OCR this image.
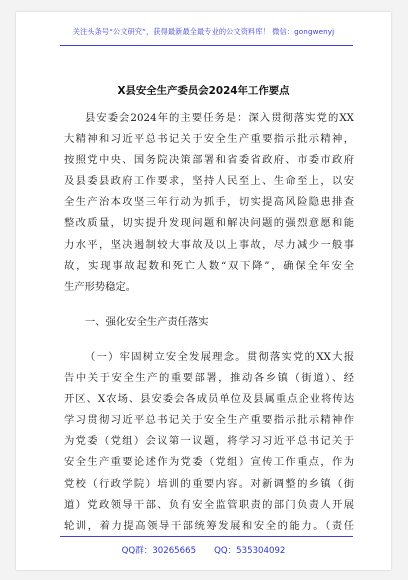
关注头条号“公文研究”，获得最新最全最专业的公文资料库！ 微信：gongwenyj
X县安全生产委员会2024年工作要点
县安委会2024年的主要任务是：深入贯彻落实党的XX
大精神和习近平总书记关于安全生产重要指示批示精神，
按照党中央、国务院决策部署和省委省政府、市委市政府
及县委县政府工作要求，坚持人民至上、生命至上，以安
全生产治本攻坚三年行动为抓手，切实提高风险隐患排查
整改质量，切实提升发现问题和解决问题的强烈意愿和能
力水平，坚决遏制较大事故及以上事故，尽力减少一般事
故，实现事故起数和死亡人数“双下降”，确保全年安全
生产形势稳定。
一、强化安全生产责任落实
（一）牢固树立安全发展理念。贯彻落实党的XX大报
告中关于安全生产的重要部署，推动各乡镇（街道）、经
开区、X农场、县安委会各成员单位及县属重点企业将传达
学习贯彻习近平总书记关于安全生产重要指示批示精神作
为党委（党组）会议第一议题，将学习习近平总书记关于
安全生产重要论述作为党委（党组）宣传工作重点，作为
党校（行政学院）培训的重要内容。对新调整的乡镇（街
道）党政领导干部、负有安全监管职责的部门负责人开展
轮训，着力提高领导干部统筹发展和安全的能力。（责任
QQ群：30265665 QQ：535304092
